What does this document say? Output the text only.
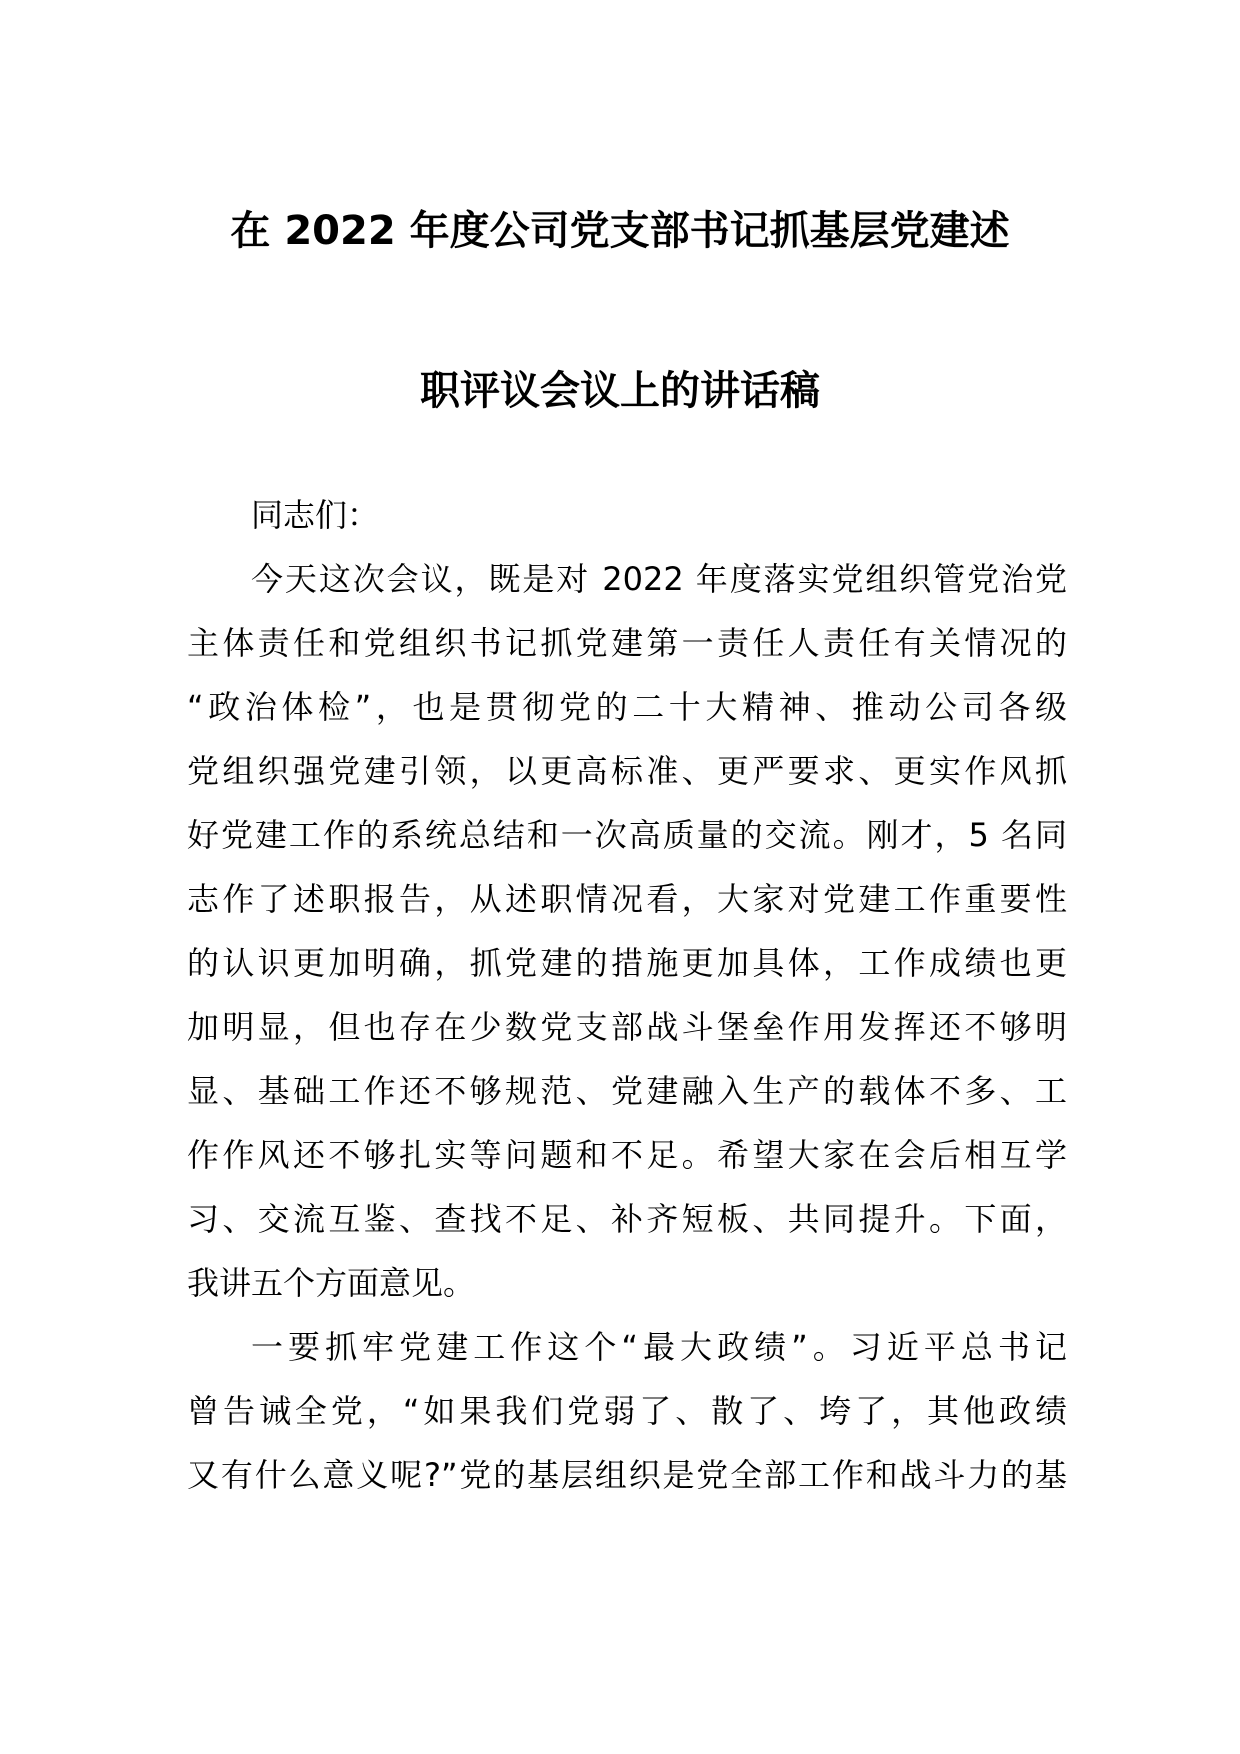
在 2022 年度公司党支部书记抓基层党建述
职评议会议上的讲话稿
同志们：
今天这次会议，既是对 2022 年度落实党组织管党治党
主体责任和党组织书记抓党建第一责任人责任有关情况的
“政治体检”，也是贯彻党的二十大精神、推动公司各级
党组织强党建引领，以更高标准、更严要求、更实作风抓
好党建工作的系统总结和一次高质量的交流。刚才，5 名同
志作了述职报告，从述职情况看，大家对党建工作重要性
的认识更加明确，抓党建的措施更加具体，工作成绩也更
加明显，但也存在少数党支部战斗堡垒作用发挥还不够明
显、基础工作还不够规范、党建融入生产的载体不多、工
作作风还不够扎实等问题和不足。希望大家在会后相互学
习、交流互鉴、查找不足、补齐短板、共同提升。下面，
我讲五个方面意见。
一要抓牢党建工作这个“最大政绩”。习近平总书记
曾告诫全党，“如果我们党弱了、散了、垮了，其他政绩
又有什么意义呢?”党的基层组织是党全部工作和战斗力的基
